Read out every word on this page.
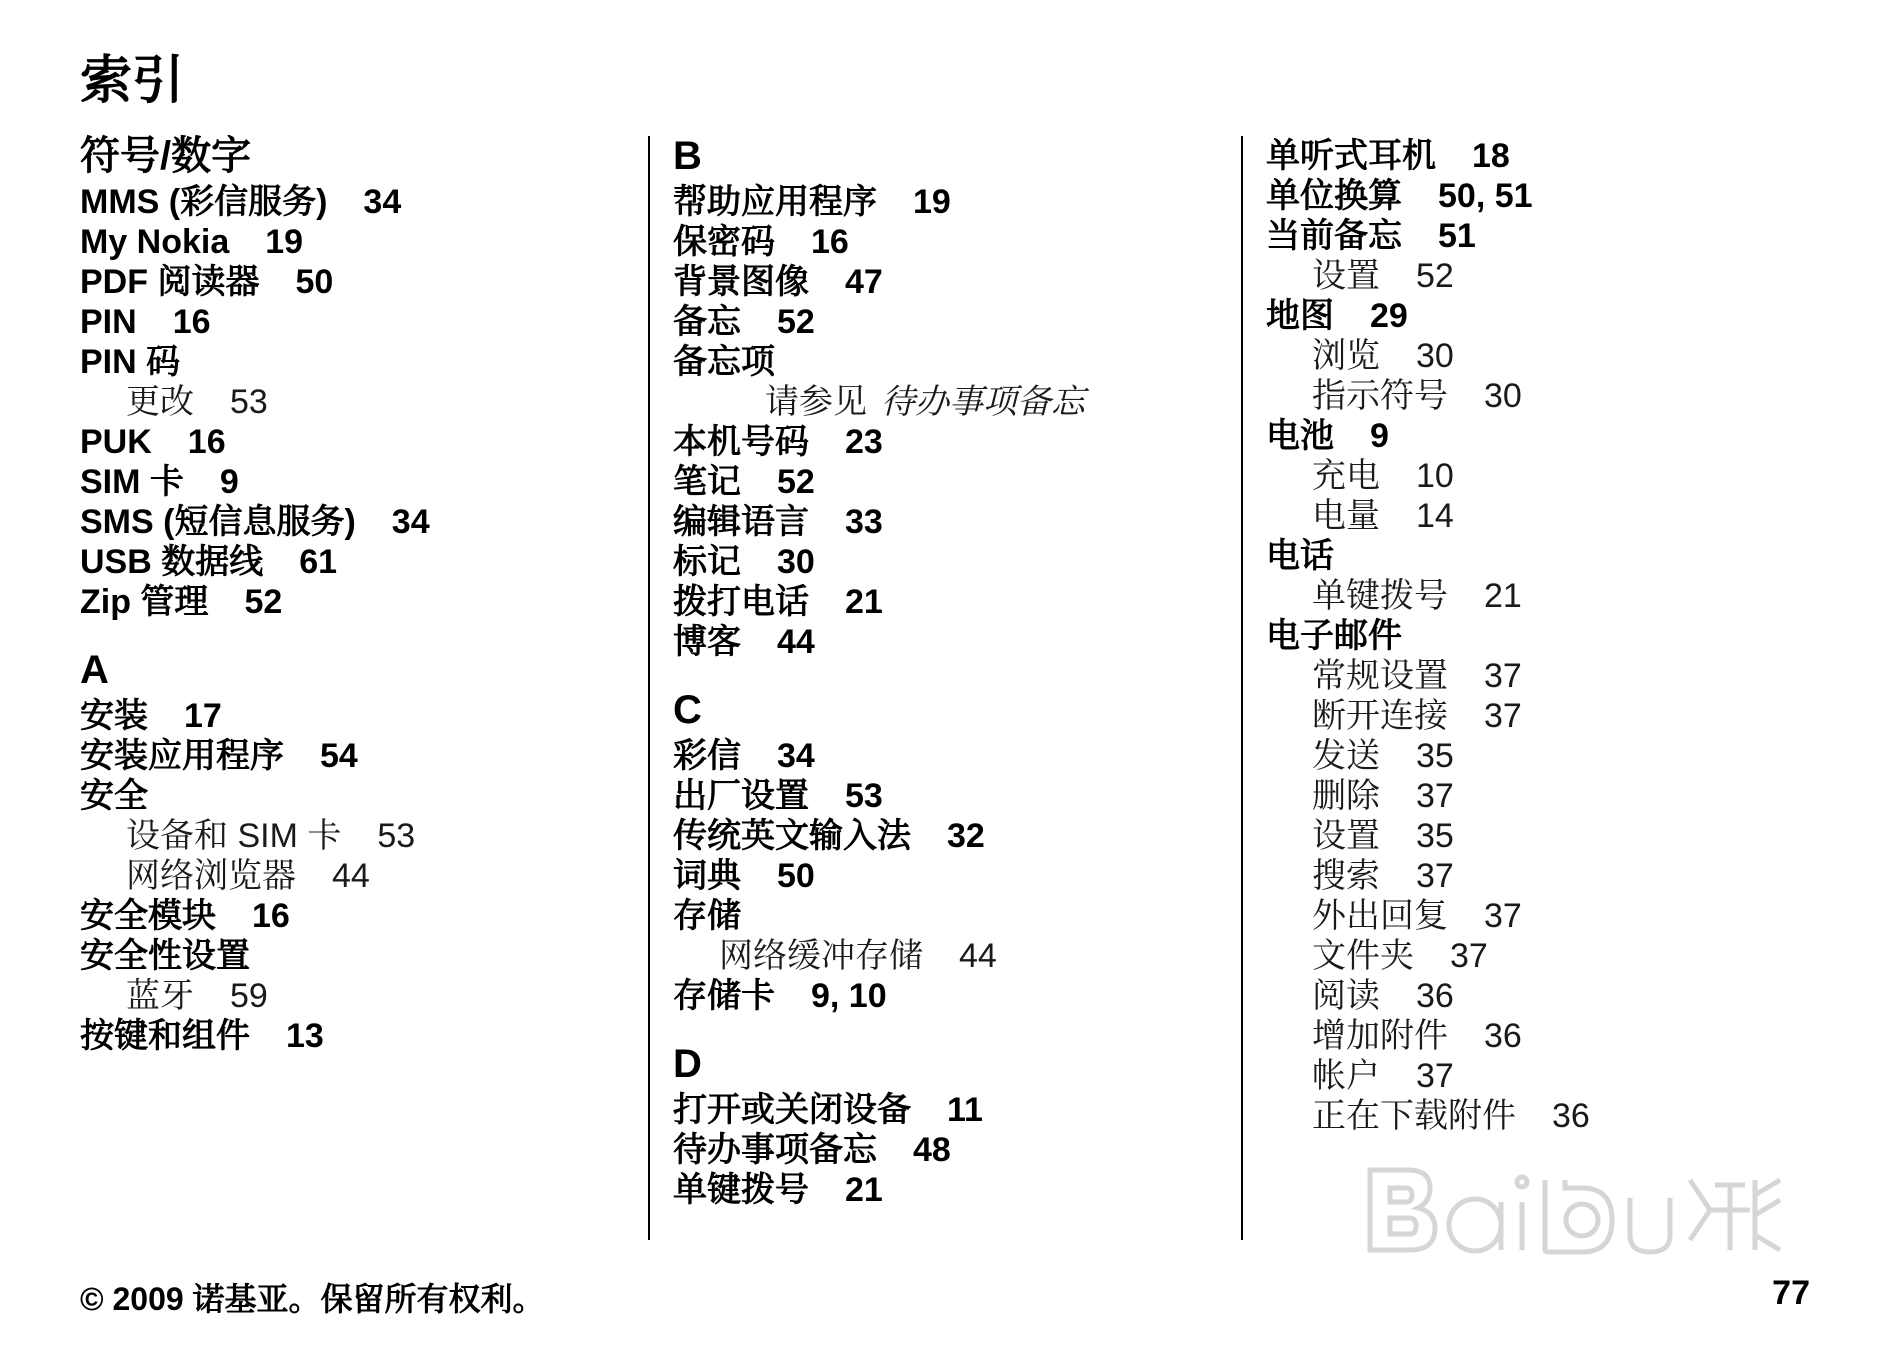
索引
符号/数字
MMS (彩信服务) 34
My Nokia 19
PDF 阅读器 50
PIN 16
PIN 码
更改 53
PUK 16
SIM 卡 9
SMS (短信息服务) 34
USB 数据线 61
Zip 管理 52
A
安装 17
安装应用程序 54
安全
设备和 SIM 卡 53
网络浏览器 44
安全模块 16
安全性设置
蓝牙 59
按键和组件 13
B
帮助应用程序 19
保密码 16
背景图像 47
备忘 52
备忘项
请参见 待办事项备忘
本机号码 23
笔记 52
编辑语言 33
标记 30
拨打电话 21
博客 44
C
彩信 34
出厂设置 53
传统英文输入法 32
词典 50
存储
网络缓冲存储 44
存储卡 9, 10
D
打开或关闭设备 11
待办事项备忘 48
单键拨号 21
单听式耳机 18
单位换算 50, 51
当前备忘 51
设置 52
地图 29
浏览 30
指示符号 30
电池 9
充电 10
电量 14
电话
单键拨号 21
电子邮件
常规设置 37
断开连接 37
发送 35
删除 37
设置 35
搜索 37
外出回复 37
文件夹 37
阅读 36
增加附件 36
帐户 37
正在下载附件 36
© 2009 诺基亚。保留所有权利。	77
